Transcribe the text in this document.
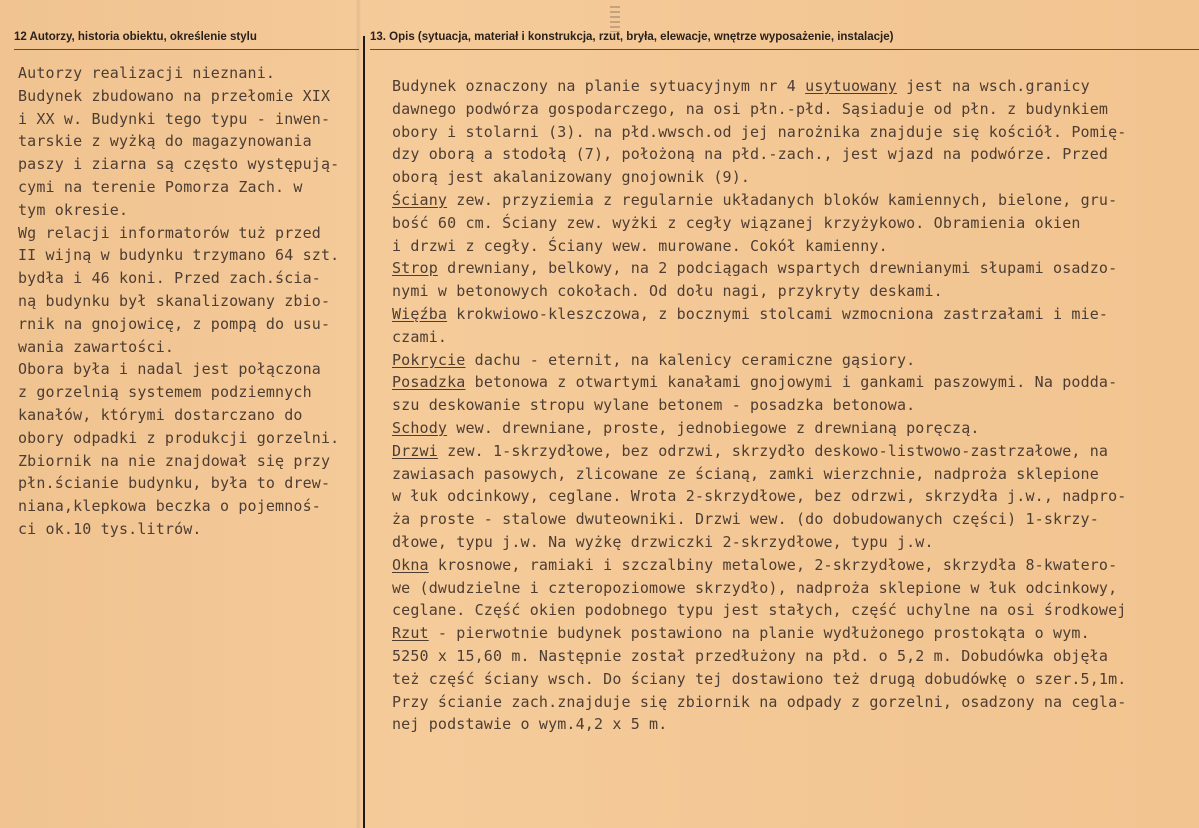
12 Autorzy, historia obiektu, określenie stylu	13. Opis (sytuacja, materiał i konstrukcja, rzut, bryła, elewacje, wnętrze wyposażenie, instalacje)
Autorzy realizacji nieznani.
Budynek zbudowano na przełomie XIX
i XX w. Budynki tego typu - inwen-
tarskie z wyżką do magazynowania
paszy i ziarna są często występują-
cymi na terenie Pomorza Zach. w
tym okresie.
Wg relacji informatorów tuż przed
II wijną w budynku trzymano 64 szt.
bydła i 46 koni. Przed zach.ścia-
ną budynku był skanalizowany zbio-
rnik na gnojowicę, z pompą do usu-
wania zawartości.
Obora była i nadal jest połączona
z gorzelnią systemem podziemnych
kanałów, którymi dostarczano do
obory odpadki z produkcji gorzelni.
Zbiornik na nie znajdował się przy
płn.ścianie budynku, była to drew-
niana,klepkowa beczka o pojemnoś-
ci ok.10 tys.litrów.
Budynek oznaczony na planie sytuacyjnym nr 4 usytuowany jest na wsch.granicy
dawnego podwórza gospodarczego, na osi płn.-płd. Sąsiaduje od płn. z budynkiem
obory i stolarni (3). na płd.wwsch.od jej narożnika znajduje się kościół. Pomię-
dzy oborą a stodołą (7), położoną na płd.-zach., jest wjazd na podwórze. Przed
oborą jest akalanizowany gnojownik (9).
Ściany zew. przyziemia z regularnie układanych bloków kamiennych, bielone, gru-
bość 60 cm. Ściany zew. wyżki z cegły wiązanej krzyżykowo. Obramienia okien
i drzwi z cegły. Ściany wew. murowane. Cokół kamienny.
Strop drewniany, belkowy, na 2 podciągach wspartych drewnianymi słupami osadzo-
nymi w betonowych cokołach. Od dołu nagi, przykryty deskami.
Więźba krokwiowo-kleszczowa, z bocznymi stolcami wzmocniona zastrzałami i mie-
czami.
Pokrycie dachu - eternit, na kalenicy ceramiczne gąsiory.
Posadzka betonowa z otwartymi kanałami gnojowymi i gankami paszowymi. Na podda-
szu deskowanie stropu wylane betonem - posadzka betonowa.
Schody wew. drewniane, proste, jednobiegowe z drewnianą poręczą.
Drzwi zew. 1-skrzydłowe, bez odrzwi, skrzydło deskowo-listwowo-zastrzałowe, na
zawiasach pasowych, zlicowane ze ścianą, zamki wierzchnie, nadproża sklepione
w łuk odcinkowy, ceglane. Wrota 2-skrzydłowe, bez odrzwi, skrzydła j.w., nadpro-
ża proste - stalowe dwuteowniki. Drzwi wew. (do dobudowanych części) 1-skrzy-
dłowe, typu j.w. Na wyżkę drzwiczki 2-skrzydłowe, typu j.w.
Okna krosnowe, ramiaki i szczalbiny metalowe, 2-skrzydłowe, skrzydła 8-kwatero-
we (dwudzielne i czteropoziomowe skrzydło), nadproża sklepione w łuk odcinkowy,
ceglane. Część okien podobnego typu jest stałych, część uchylne na osi środkowej
Rzut - pierwotnie budynek postawiono na planie wydłużonego prostokąta o wym.
5250 x 15,60 m. Następnie został przedłużony na płd. o 5,2 m. Dobudówka objęła
też część ściany wsch. Do ściany tej dostawiono też drugą dobudówkę o szer.5,1m.
Przy ścianie zach.znajduje się zbiornik na odpady z gorzelni, osadzony na cegla-
nej podstawie o wym.4,2 x 5 m.
